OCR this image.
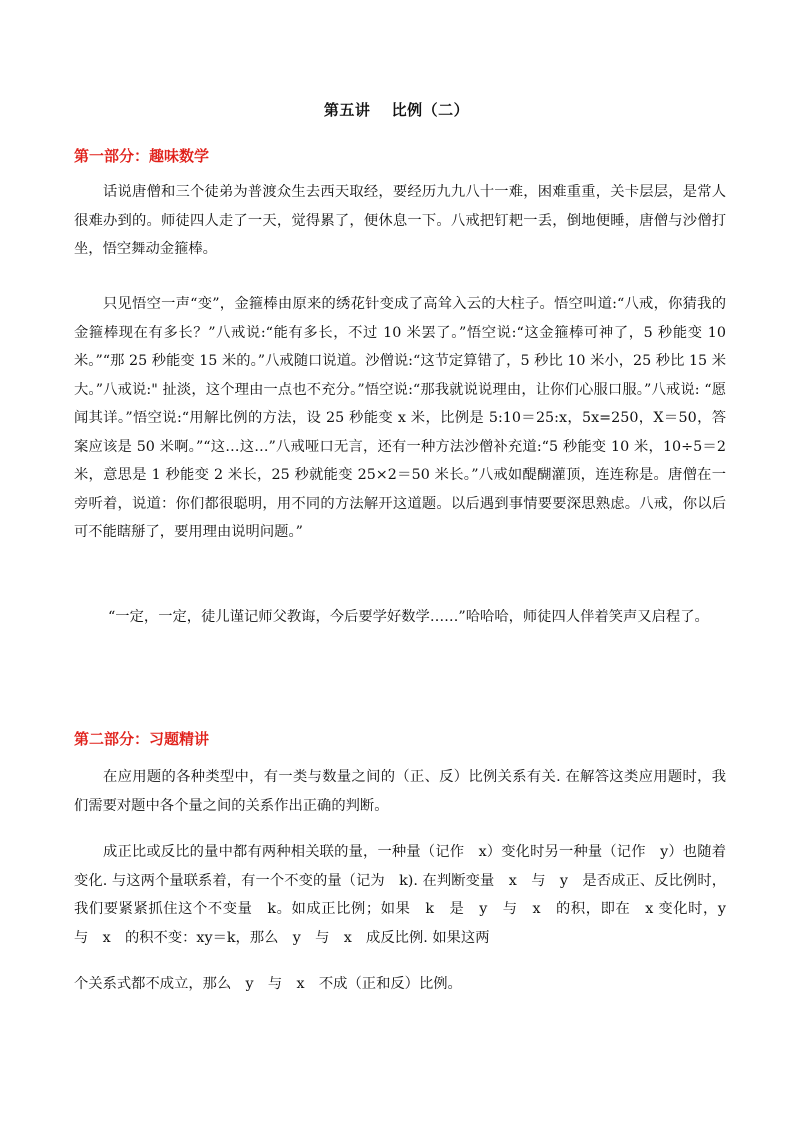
第五讲　 比例（二）
第一部分：趣味数学

话说唐僧和三个徒弟为普渡众生去西天取经，要经历九九八十一难，困难重重，关卡层层，是常人很难办到的。师徒四人走了一天，觉得累了，便休息一下。八戒把钉耙一丢，倒地便睡，唐僧与沙僧打坐，悟空舞动金箍棒。

只见悟空一声“变”，金箍棒由原来的绣花针变成了高耸入云的大柱子。悟空叫道:“八戒，你猜我的金箍棒现在有多长？”八戒说:“能有多长，不过 10 米罢了。”悟空说:“这金箍棒可神了，5 秒能变 10 米。”“那 25 秒能变 15 米的。”八戒随口说道。沙僧说:“这节定算错了，5 秒比 10 米小，25 秒比 15 米大。”八戒说:" 扯淡，这个理由一点也不充分。”悟空说:“那我就说说理由，让你们心服口服。”八戒说: “愿闻其详。”悟空说:“用解比例的方法，设 25 秒能变 x 米，比例是 5:10＝25:x，5x=250，X＝50，答案应该是 50 米啊。”“这…这…”八戒哑口无言，还有一种方法沙僧补充道:“5 秒能变 10 米，10÷5＝2 米，意思是 1 秒能变 2 米长，25 秒就能变 25×2＝50 米长。”八戒如醍醐灌顶，连连称是。唐僧在一旁听着，说道：你们都很聪明，用不同的方法解开这道题。以后遇到事情要要深思熟虑。八戒，你以后可不能瞎掰了，要用理由说明问题。”

“一定，一定，徒儿谨记师父教诲，今后要学好数学……”哈哈哈，师徒四人伴着笑声又启程了。

第二部分：习题精讲

在应用题的各种类型中，有一类与数量之间的（正、反）比例关系有关. 在解答这类应用题时，我们需要对题中各个量之间的关系作出正确的判断。

成正比或反比的量中都有两种相关联的量，一种量（记作　x）变化时另一种量（记作　y）也随着变化. 与这两个量联系着，有一个不变的量（记为　k). 在判断变量　x　与　y　是否成正、反比例时，我们要紧紧抓住这个不变量　k。如成正比例；如果　k　是　y　与　x　的积，即在　x 变化时，y　与　x　的积不变：xy＝k，那么　y　与　x　成反比例. 如果这两

个关系式都不成立，那么　y　与　x　不成（正和反）比例。
